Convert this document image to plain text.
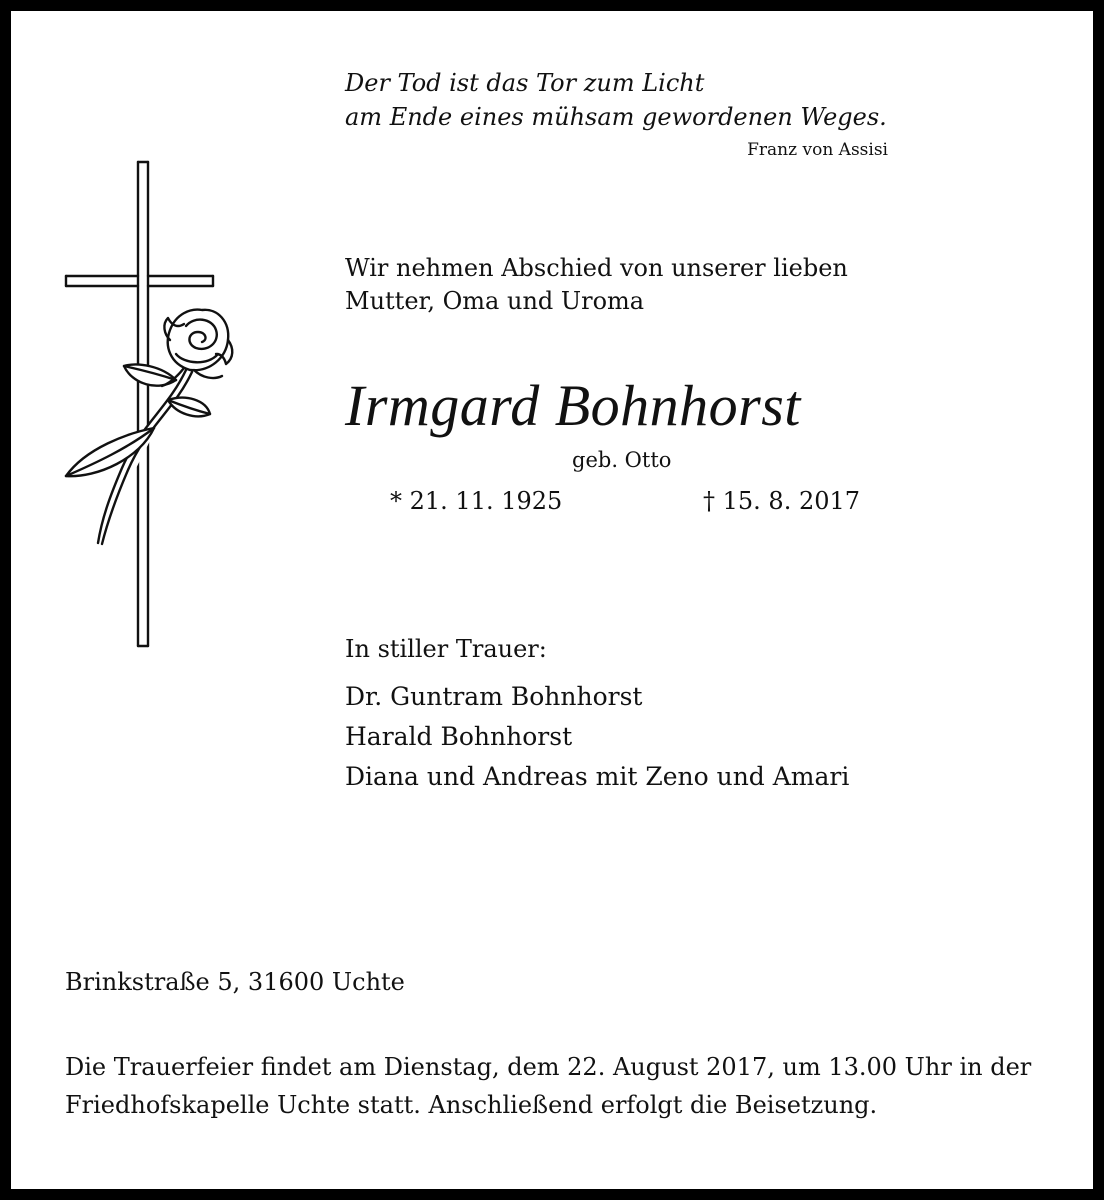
Der Tod ist das Tor zum Licht
am Ende eines mühsam gewordenen Weges.
Franz von Assisi
Wir nehmen Abschied von unserer lieben
Mutter, Oma und Uroma
Irmgard Bohnhorst
geb. Otto
* 21. 11. 1925	† 15. 8. 2017
In stiller Trauer:
Dr. Guntram Bohnhorst
Harald Bohnhorst
Diana und Andreas mit Zeno und Amari
Brinkstraße 5, 31600 Uchte
Die Trauerfeier findet am Dienstag, dem 22. August 2017, um 13.00 Uhr in der
Friedhofskapelle Uchte statt. Anschließend erfolgt die Beisetzung.
